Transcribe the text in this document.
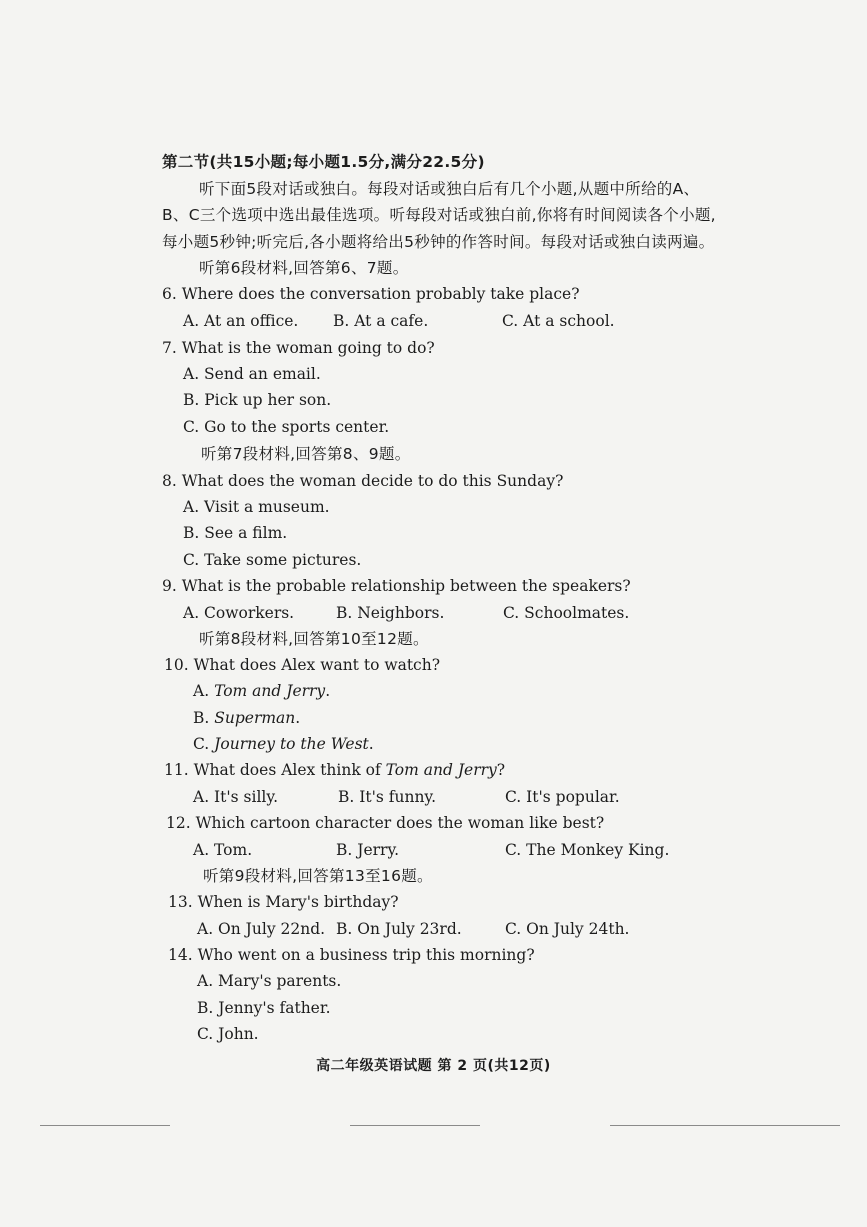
第二节(共15小题;每小题1.5分,满分22.5分)
听下面5段对话或独白。每段对话或独白后有几个小题,从题中所给的A、
B、C三个选项中选出最佳选项。听每段对话或独白前,你将有时间阅读各个小题,
每小题5秒钟;听完后,各小题将给出5秒钟的作答时间。每段对话或独白读两遍。
听第6段材料,回答第6、7题。
6. Where does the conversation probably take place?
A. At an office. B. At a cafe.	C. At a school.
7. What is the woman going to do?
A. Send an email.
B. Pick up her son.
C. Go to the sports center.
听第7段材料,回答第8、9题。
8. What does the woman decide to do this Sunday?
A. Visit a museum.
B. See a film.
C. Take some pictures.
9. What is the probable relationship between the speakers?
A. Coworkers.	B. Neighbors.	C. Schoolmates.
听第8段材料,回答第10至12题。
10. What does Alex want to watch?
A. Tom and Jerry.
B. Superman.
C. Journey to the West.
11. What does Alex think of Tom and Jerry?
A. It's silly.	B. It's funny.	C. It's popular.
12. Which cartoon character does the woman like best?
A. Tom.	B. Jerry.	C. The Monkey King.
听第9段材料,回答第13至16题。
13. When is Mary's birthday?
A. On July 22nd. B. On July 23rd.	C. On July 24th.
14. Who went on a business trip this morning?
A. Mary's parents.
B. Jenny's father.
C. John.
高二年级英语试题 第 2 页(共12页)
